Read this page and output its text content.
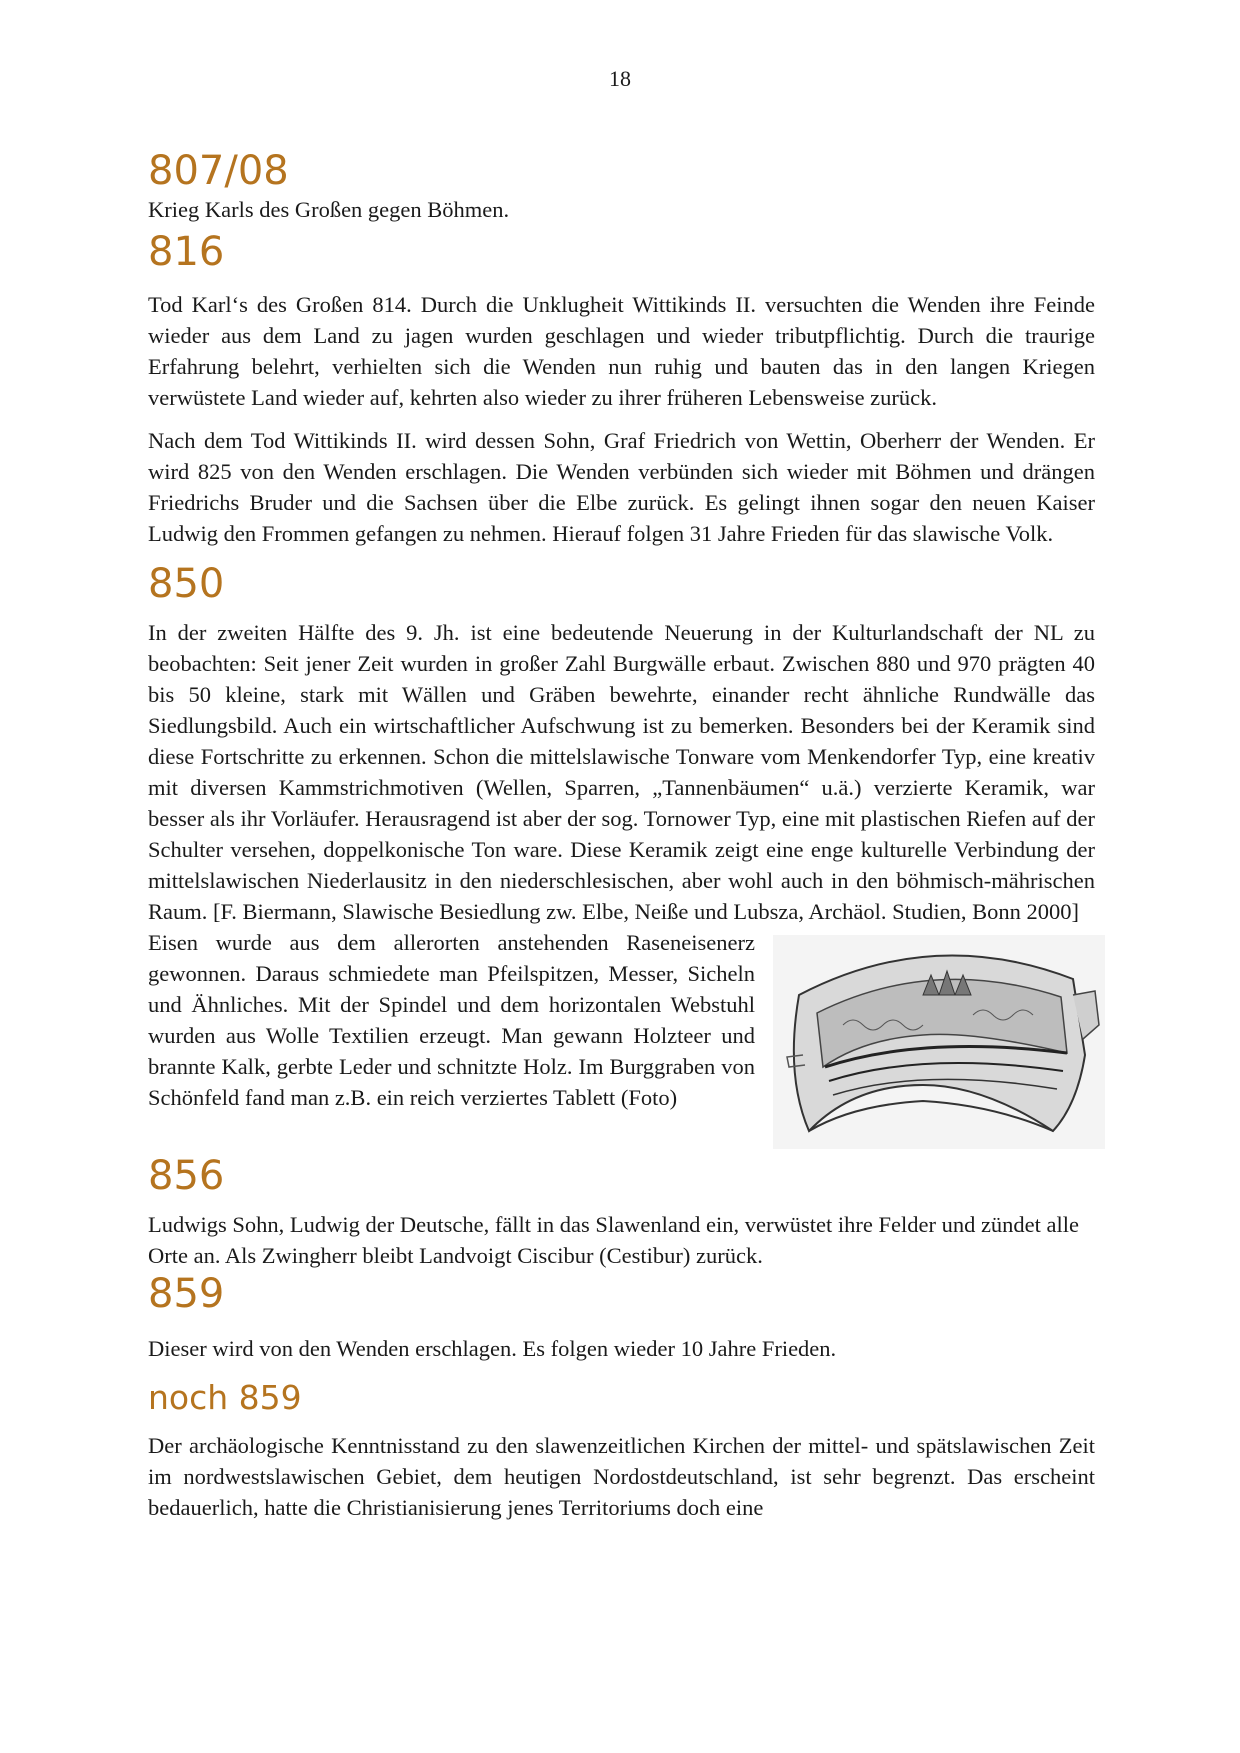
18
807/08

Krieg Karls des Großen gegen Böhmen.

816

Tod Karl‘s des Großen 814. Durch die Unklugheit Wittikinds II. versuchten die Wenden ihre Feinde wieder aus dem Land zu jagen wurden geschlagen und wieder tributpflichtig. Durch die traurige Erfahrung belehrt, verhielten sich die Wenden nun ruhig und bauten das in den langen Kriegen verwüstete Land wieder auf, kehrten also wieder zu ihrer früheren Lebensweise zurück.

Nach dem Tod Wittikinds II. wird dessen Sohn, Graf Friedrich von Wettin, Oberherr der Wenden. Er wird 825 von den Wenden erschlagen. Die Wenden verbünden sich wieder mit Böhmen und drängen Friedrichs Bruder und die Sachsen über die Elbe zurück. Es gelingt ihnen sogar den neuen Kaiser Ludwig den Frommen gefangen zu nehmen. Hierauf folgen 31 Jahre Frieden für das slawische Volk.

850

In der zweiten Hälfte des 9. Jh. ist eine bedeutende Neuerung in der Kulturlandschaft der NL zu beobachten: Seit jener Zeit wurden in großer Zahl Burgwälle erbaut. Zwischen 880 und 970 prägten 40 bis 50 kleine, stark mit Wällen und Gräben bewehrte, einander recht ähnliche Rundwälle das Siedlungsbild. Auch ein wirtschaftlicher Aufschwung ist zu bemerken. Besonders bei der Keramik sind diese Fortschritte zu erkennen. Schon die mittelslawische Tonware vom Menkendorfer Typ, eine kreativ mit diversen Kammstrichmotiven (Wellen, Sparren, „Tannenbäumen“ u.ä.) verzierte Keramik, war besser als ihr Vorläufer. Herausragend ist aber der sog. Tornower Typ, eine mit plastischen Riefen auf der Schulter versehen, doppelkonische Ton ware. Diese Keramik zeigt eine enge kulturelle Verbindung der mittelslawischen Niederlausitz in den niederschlesischen, aber wohl auch in den böhmisch-mährischen Raum. [F. Biermann, Slawische Besiedlung zw. Elbe, Neiße und Lubsza, Archäol. Studien, Bonn 2000]

Eisen wurde aus dem allerorten anstehenden Raseneisenerz gewonnen. Daraus schmiedete man Pfeilspitzen, Messer, Sicheln und Ähnliches. Mit der Spindel und dem horizontalen Webstuhl wurden aus Wolle Textilien erzeugt. Man gewann Holzteer und brannte Kalk, gerbte Leder und schnitzte Holz. Im Burggraben von Schönfeld fand man z.B. ein reich verziertes Tablett (Foto)

856

Ludwigs Sohn, Ludwig der Deutsche, fällt in das Slawenland ein, verwüstet ihre Felder und zündet alle Orte an. Als Zwingherr bleibt Landvoigt Ciscibur (Cestibur) zurück.

859

Dieser wird von den Wenden erschlagen. Es folgen wieder 10 Jahre Frieden.

noch 859

Der archäologische Kenntnisstand zu den slawenzeitlichen Kirchen der mittel- und spätslawischen Zeit im nordwestslawischen Gebiet, dem heutigen Nordostdeutschland, ist sehr begrenzt. Das erscheint bedauerlich, hatte die Christianisierung jenes Territoriums doch eine
